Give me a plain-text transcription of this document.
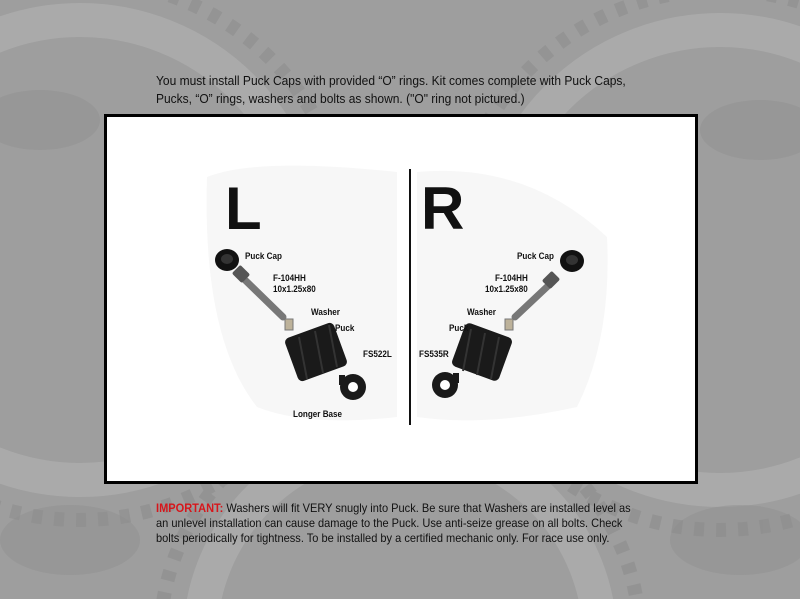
You must install Puck Caps with provided “O” rings. Kit comes complete with Puck Caps, Pucks, “O” rings, washers and bolts as shown. ("O" ring not pictured.)
L
Puck Cap
F-104HH
10x1.25x80
Washer
Puck
FS522L
Longer Base
R
Puck Cap
F-104HH
10x1.25x80
Washer
Puck
FS535R
IMPORTANT: Washers will fit VERY snugly into Puck. Be sure that Washers are installed level as an unlevel installation can cause damage to the Puck. Use anti-seize grease on all bolts. Check bolts periodically for tightness. To be installed by a certified mechanic only. For race use only.
